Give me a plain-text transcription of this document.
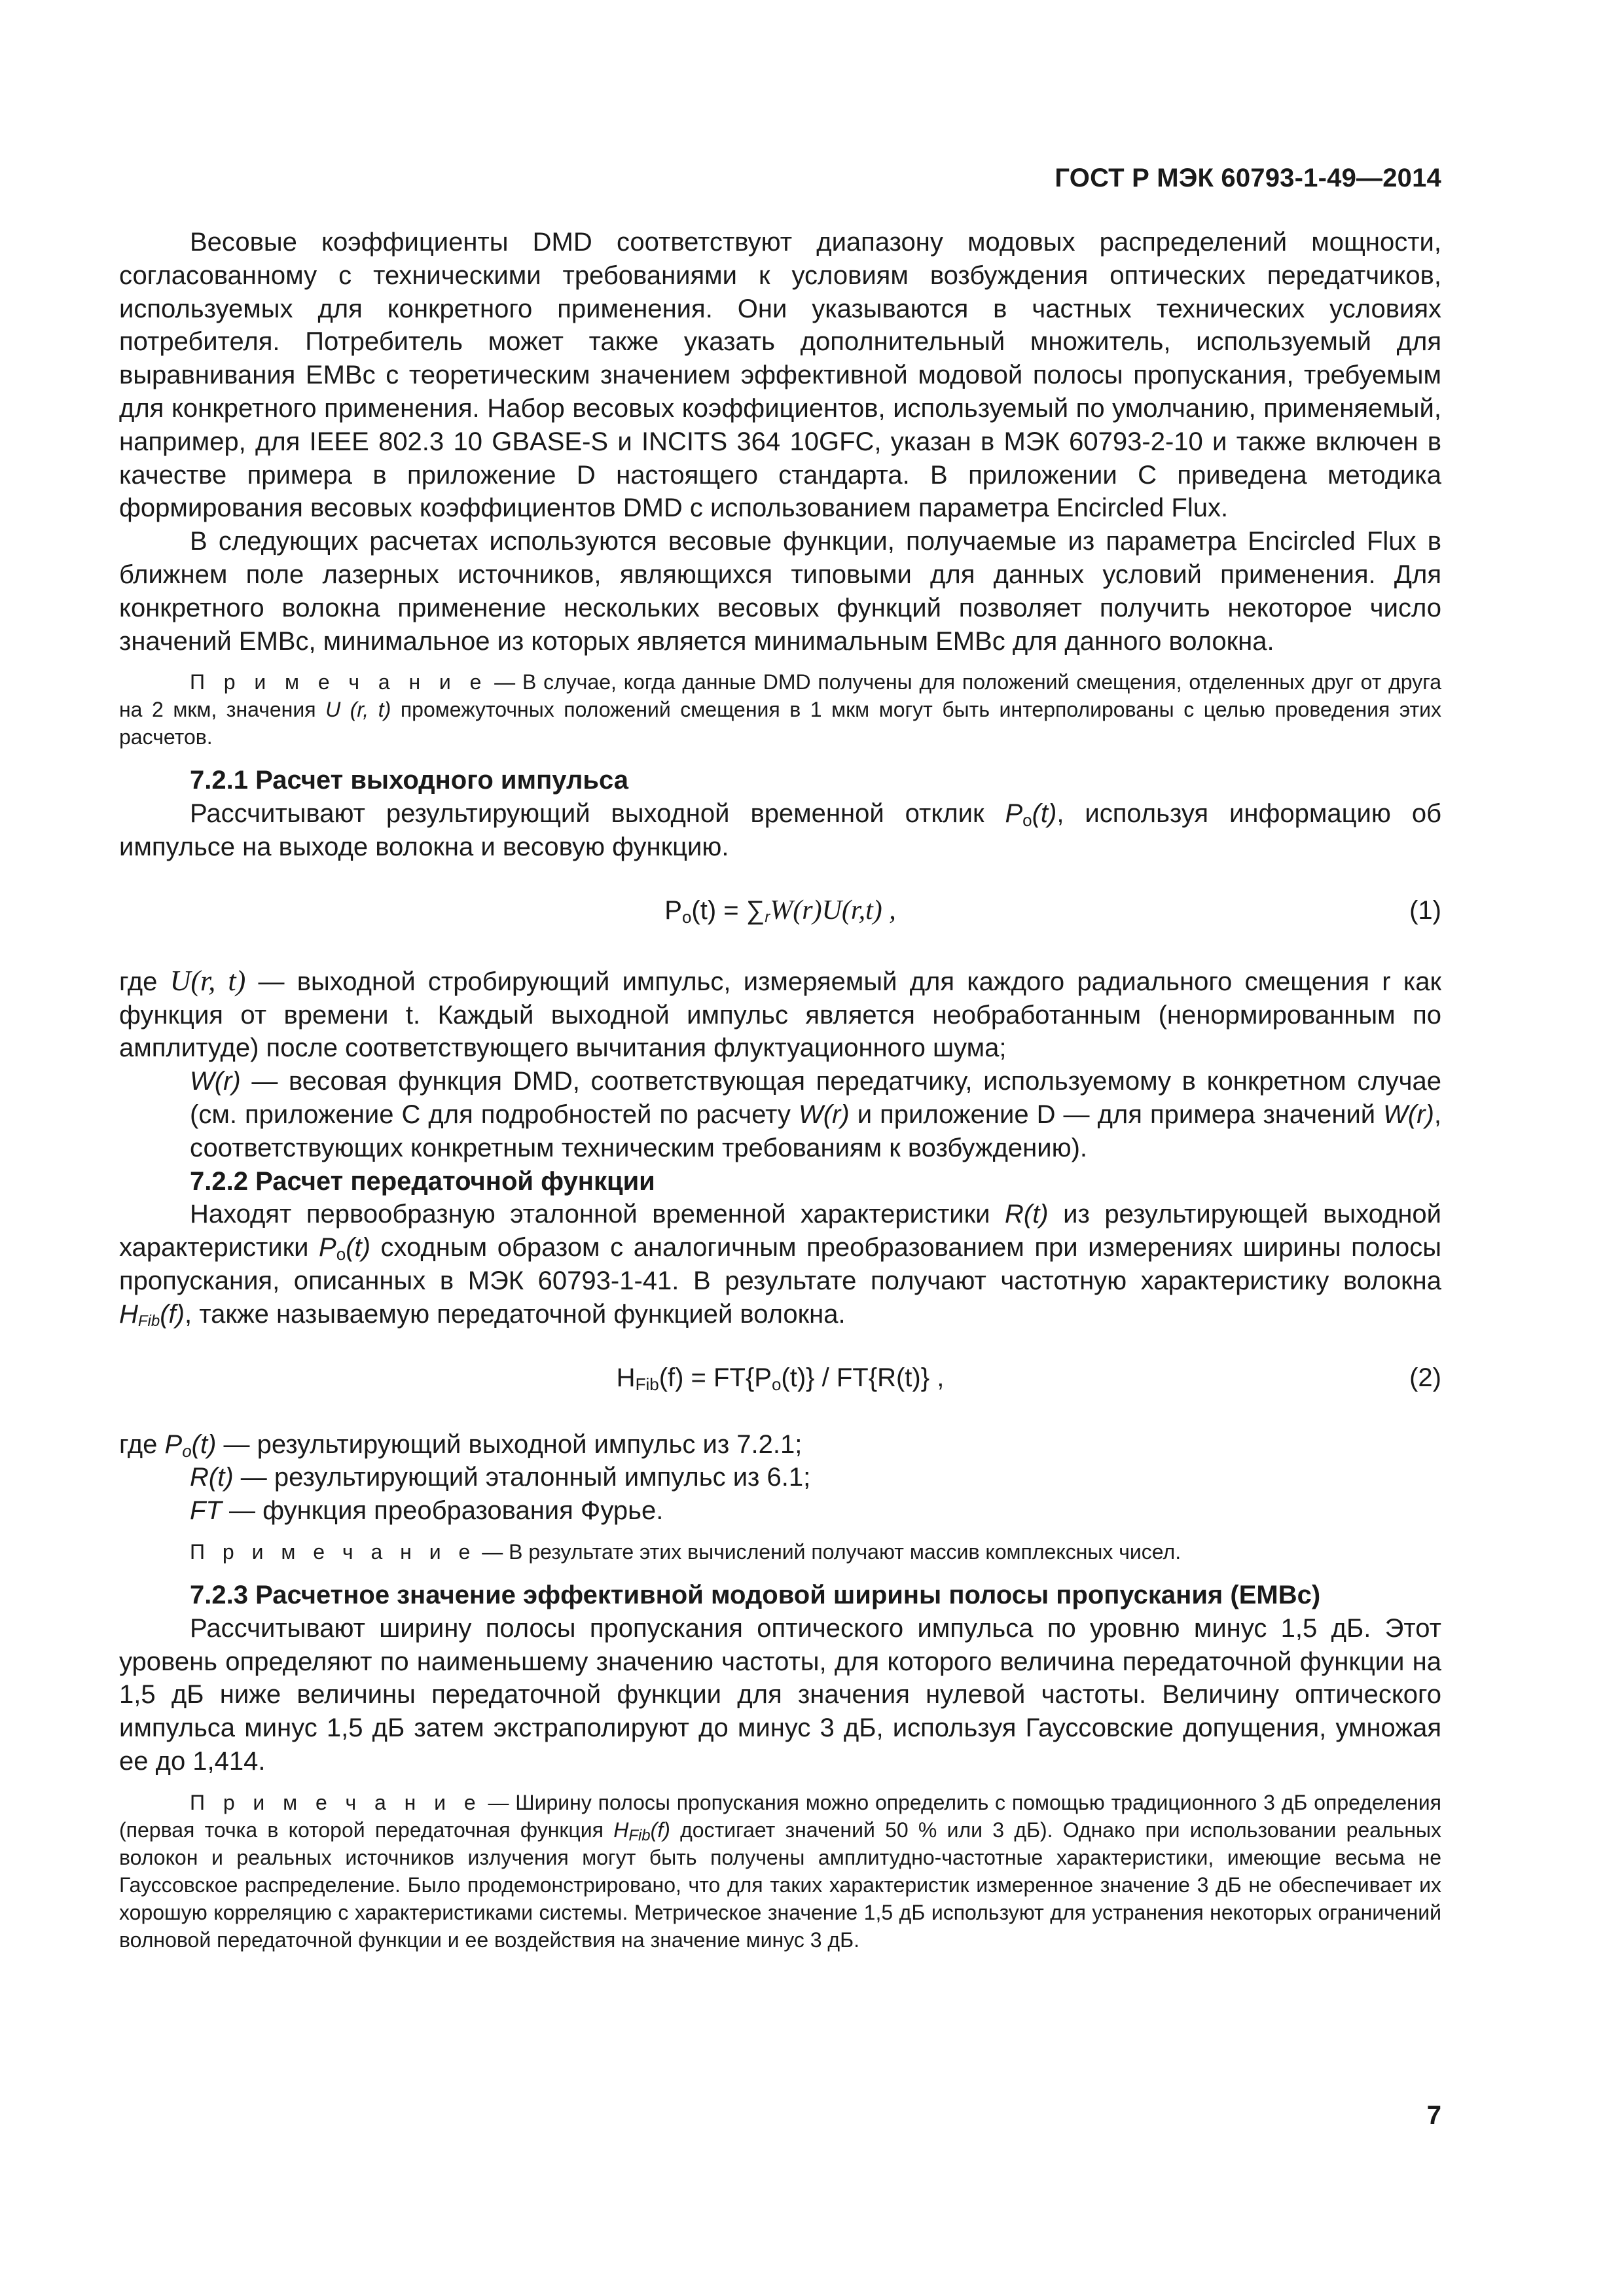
ГОСТ Р МЭК 60793-1-49—2014

Весовые коэффициенты DMD соответствуют диапазону модовых распределений мощности, согласованному с техническими требованиями к условиям возбуждения оптических передатчиков, используемых для конкретного применения. Они указываются в частных технических условиях потребителя. Потребитель может также указать дополнительный множитель, используемый для выравнивания EMBc с теоретическим значением эффективной модовой полосы пропускания, требуемым для конкретного применения. Набор весовых коэффициентов, используемый по умолчанию, применяемый, например, для IEEE 802.3 10 GBASE-S и INCITS 364 10GFC, указан в МЭК 60793-2-10 и также включен в качестве примера в приложение D настоящего стандарта. В приложении С приведена методика формирования весовых коэффициентов DMD с использованием параметра Encircled Flux.

В следующих расчетах используются весовые функции, получаемые из параметра Encircled Flux в ближнем поле лазерных источников, являющихся типовыми для данных условий применения. Для конкретного волокна применение нескольких весовых функций позволяет получить некоторое число значений EMBc, минимальное из которых является минимальным EMBc для данного волокна.

П р и м е ч а н и е — В случае, когда данные DMD получены для положений смещения, отделенных друг от друга на 2 мкм, значения U (r, t) промежуточных положений смещения в 1 мкм могут быть интерполированы с целью проведения этих расчетов.

7.2.1 Расчет выходного импульса

Рассчитывают результирующий выходной временной отклик $P_o(t)$, используя информацию об импульсе на выходе волокна и весовую функцию.

$P_o(t) = \sum_rW(r)U(r,t)$ ,	(1)

где U(r, t) — выходной стробирующий импульс, измеряемый для каждого радиального смещения r как функция от времени t. Каждый выходной импульс является необработанным (ненормированным по амплитуде) после соответствующего вычитания флуктуационного шума;

W(r) — весовая функция DMD, соответствующая передатчику, используемому в конкретном случае (см. приложение С для подробностей по расчету W(r) и приложение D — для примера значений W(r), соответствующих конкретным техническим требованиям к возбуждению).

7.2.2 Расчет передаточной функции

Находят первообразную эталонной временной характеристики R(t) из результирующей выходной характеристики $P_o(t)$ сходным образом с аналогичным преобразованием при измерениях ширины полосы пропускания, описанных в МЭК 60793-1-41. В результате получают частотную характеристику волокна $H_{Fib}(f)$, также называемую передаточной функцией волокна.

$H_{Fib}(f) = FT\{P_o(t)\} / FT\{R(t)\}$ ,	(2)

где $P_o(t)$ — результирующий выходной импульс из 7.2.1;

R(t) — результирующий эталонный импульс из 6.1;

FT — функция преобразования Фурье.

П р и м е ч а н и е — В результате этих вычислений получают массив комплексных чисел.

7.2.3 Расчетное значение эффективной модовой ширины полосы пропускания (EMBc)

Рассчитывают ширину полосы пропускания оптического импульса по уровню минус 1,5 дБ. Этот уровень определяют по наименьшему значению частоты, для которого величина передаточной функции на 1,5 дБ ниже величины передаточной функции для значения нулевой частоты. Величину оптического импульса минус 1,5 дБ затем экстраполируют до минус 3 дБ, используя Гауссовские допущения, умножая ее до 1,414.

П р и м е ч а н и е — Ширину полосы пропускания можно определить с помощью традиционного 3 дБ определения (первая точка в которой передаточная функция $H_{Fib}(f)$ достигает значений 50 % или 3 дБ). Однако при использовании реальных волокон и реальных источников излучения могут быть получены амплитудно-частотные характеристики, имеющие весьма не Гауссовское распределение. Было продемонстрировано, что для таких характеристик измеренное значение 3 дБ не обеспечивает их хорошую корреляцию с характеристиками системы. Метрическое значение 1,5 дБ используют для устранения некоторых ограничений волновой передаточной функции и ее воздействия на значение минус 3 дБ.
7
